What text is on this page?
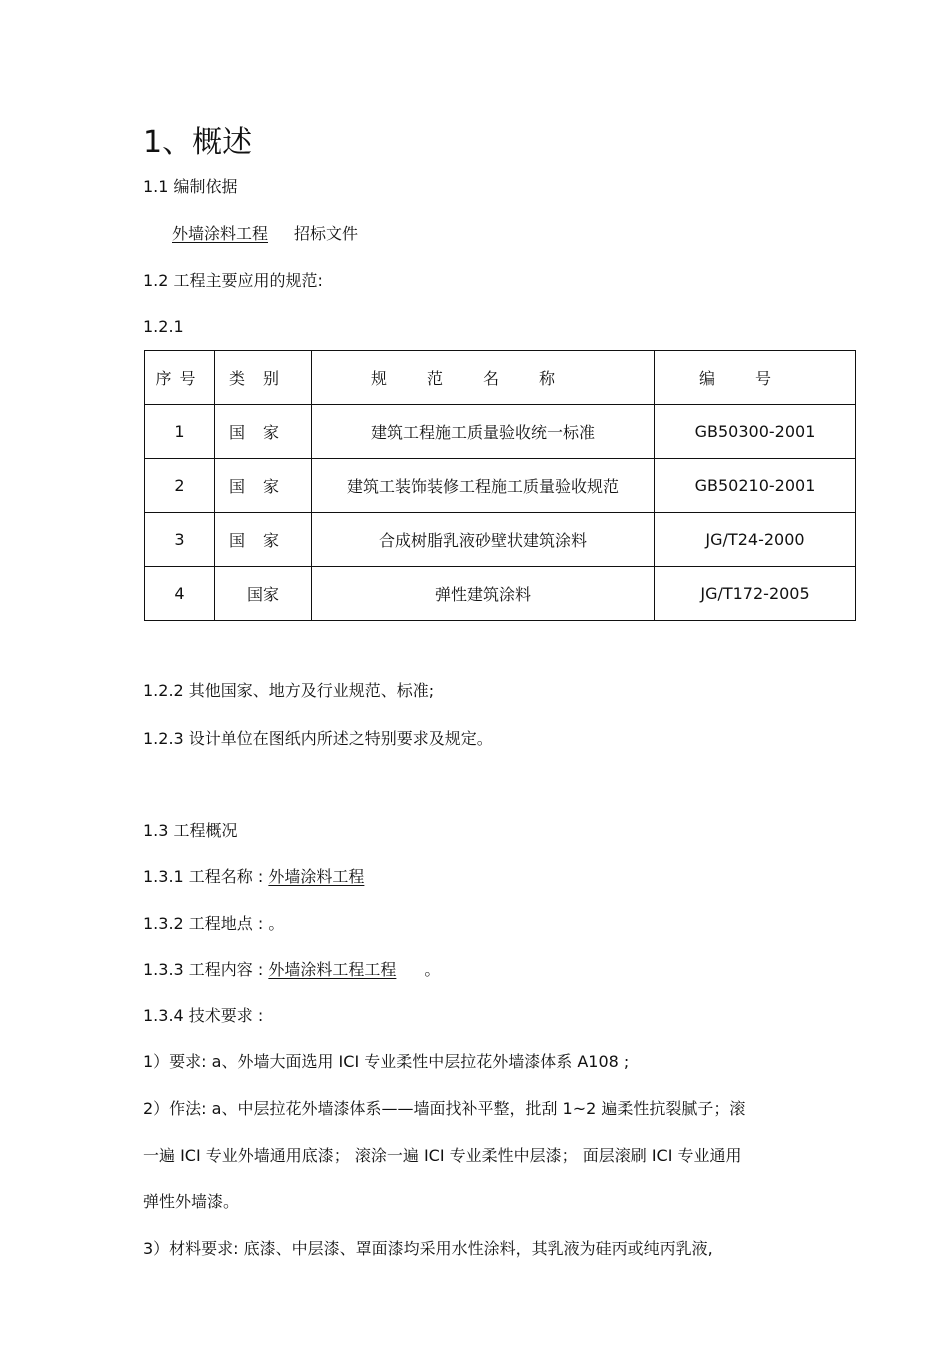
1、概述
1.1 编制依据
外墙涂料工程 招标文件
1.2 工程主要应用的规范:
1.2.1
序号	类别	规范名称	编号
1	国家	建筑工程施工质量验收统一标准	GB50300-2001
2	国家	建筑工装饰装修工程施工质量验收规范	GB50210-2001
3	国家	合成树脂乳液砂壁状建筑涂料	JG/T24-2000
4	国家	弹性建筑涂料	JG/T172-2005
1.2.2 其他国家、地方及行业规范、标准;
1.2.3 设计单位在图纸内所述之特别要求及规定。
1.3 工程概况
1.3.1 工程名称 : 外墙涂料工程
1.3.2 工程地点 : 。
1.3.3 工程内容 : 外墙涂料工程工程 。
1.3.4 技术要求 :
1）要求: a、外墙大面选用 ICI 专业柔性中层拉花外墙漆体系 A108 ;
2）作法: a、中层拉花外墙漆体系——墙面找补平整，批刮 1~2 遍柔性抗裂腻子；滚
一遍 ICI 专业外墙通用底漆； 滚涂一遍 ICI 专业柔性中层漆； 面层滚刷 ICI 专业通用
弹性外墙漆。
3）材料要求: 底漆、中层漆、罩面漆均采用水性涂料，其乳液为硅丙或纯丙乳液,
